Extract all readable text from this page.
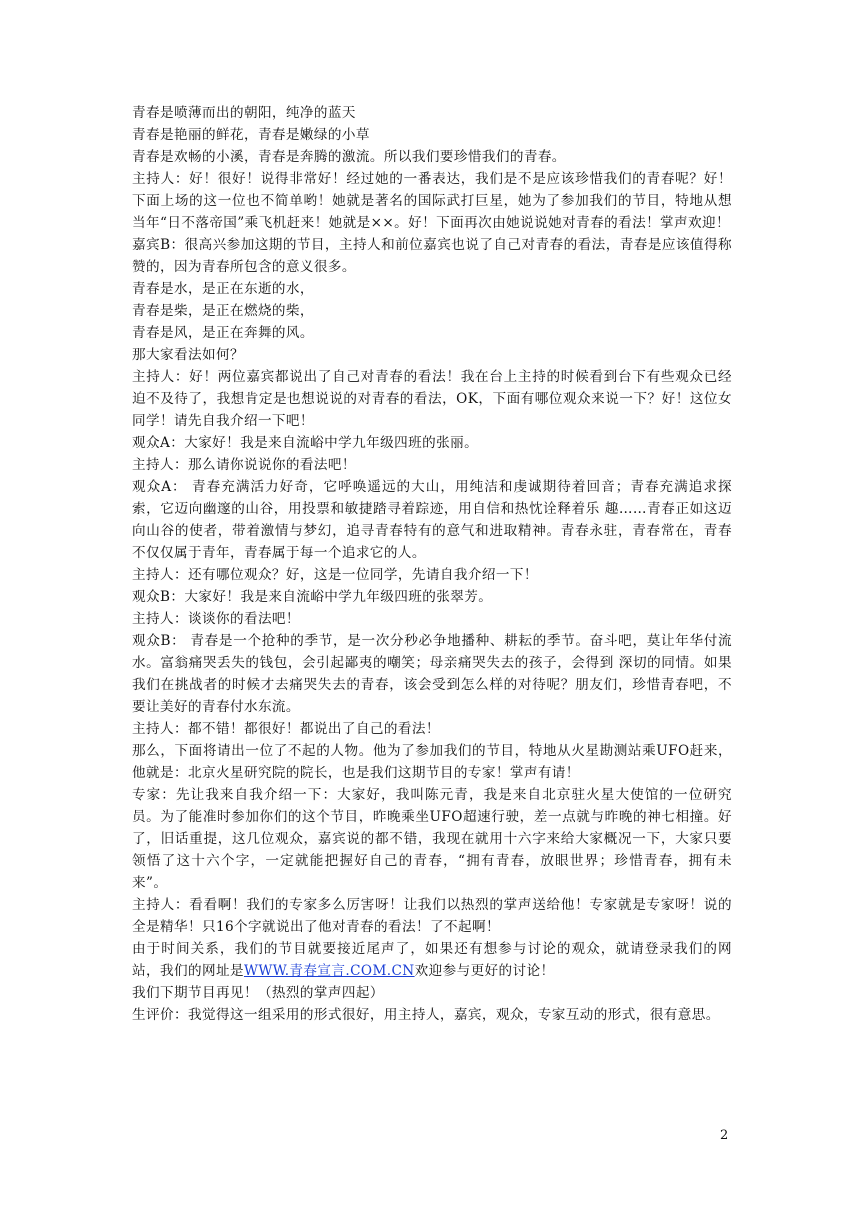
青春是喷薄而出的朝阳，纯净的蓝天

青春是艳丽的鲜花，青春是嫩绿的小草

青春是欢畅的小溪，青春是奔腾的激流。所以我们要珍惜我们的青春。

主持人：好！很好！说得非常好！经过她的一番表达，我们是不是应该珍惜我们的青春呢？好！下面上场的这一位也不简单哟！她就是著名的国际武打巨星，她为了参加我们的节目，特地从想当年“日不落帝国”乘飞机赶来！她就是××。好！下面再次由她说说她对青春的看法！掌声欢迎！

嘉宾B：很高兴参加这期的节目，主持人和前位嘉宾也说了自己对青春的看法，青春是应该值得称赞的，因为青春所包含的意义很多。

青春是水，是正在东逝的水，

青春是柴，是正在燃烧的柴，

青春是风，是正在奔舞的风。

那大家看法如何？

主持人：好！两位嘉宾都说出了自己对青春的看法！我在台上主持的时候看到台下有些观众已经迫不及待了，我想肯定是也想说说的对青春的看法，OK，下面有哪位观众来说一下？好！这位女同学！请先自我介绍一下吧！

观众A：大家好！我是来自流峪中学九年级四班的张丽。

主持人：那么请你说说你的看法吧！

观众A： 青春充满活力好奇，它呼唤遥远的大山，用纯洁和虔诚期待着回音；青春充满追求探索，它迈向幽邃的山谷，用投票和敏捷踏寻着踪迹，用自信和热忱诠释着乐 趣……青春正如这迈向山谷的使者，带着激情与梦幻，追寻青春特有的意气和进取精神。青春永驻，青春常在，青春不仅仅属于青年，青春属于每一个追求它的人。

主持人：还有哪位观众？好，这是一位同学，先请自我介绍一下！

观众B：大家好！我是来自流峪中学九年级四班的张翠芳。

主持人：谈谈你的看法吧！

观众B： 青春是一个抢种的季节，是一次分秒必争地播种、耕耘的季节。奋斗吧，莫让年华付流水。富翁痛哭丢失的钱包，会引起鄙夷的嘲笑；母亲痛哭失去的孩子，会得到 深切的同情。如果我们在挑战者的时候才去痛哭失去的青春，该会受到怎么样的对待呢？朋友们，珍惜青春吧，不要让美好的青春付水东流。

主持人：都不错！都很好！都说出了自己的看法！

那么，下面将请出一位了不起的人物。他为了参加我们的节目，特地从火星勘测站乘UFO赶来，他就是：北京火星研究院的院长，也是我们这期节目的专家！掌声有请！

专家：先让我来自我介绍一下：大家好，我叫陈元青，我是来自北京驻火星大使馆的一位研究员。为了能准时参加你们的这个节目，昨晚乘坐UFO超速行驶，差一点就与昨晚的神七相撞。好了，旧话重提，这几位观众，嘉宾说的都不错，我现在就用十六字来给大家概况一下，大家只要领悟了这十六个字，一定就能把握好自己的青春，“拥有青春，放眼世界；珍惜青春，拥有未来”。

主持人：看看啊！我们的专家多么厉害呀！让我们以热烈的掌声送给他！专家就是专家呀！说的全是精华！只16个字就说出了他对青春的看法！了不起啊！

由于时间关系，我们的节目就要接近尾声了，如果还有想参与讨论的观众，就请登录我们的网站，我们的网址是WWW.青春宣言.COM.CN欢迎参与更好的讨论！

我们下期节目再见！（热烈的掌声四起）

生评价：我觉得这一组采用的形式很好，用主持人，嘉宾，观众，专家互动的形式，很有意思。

2
